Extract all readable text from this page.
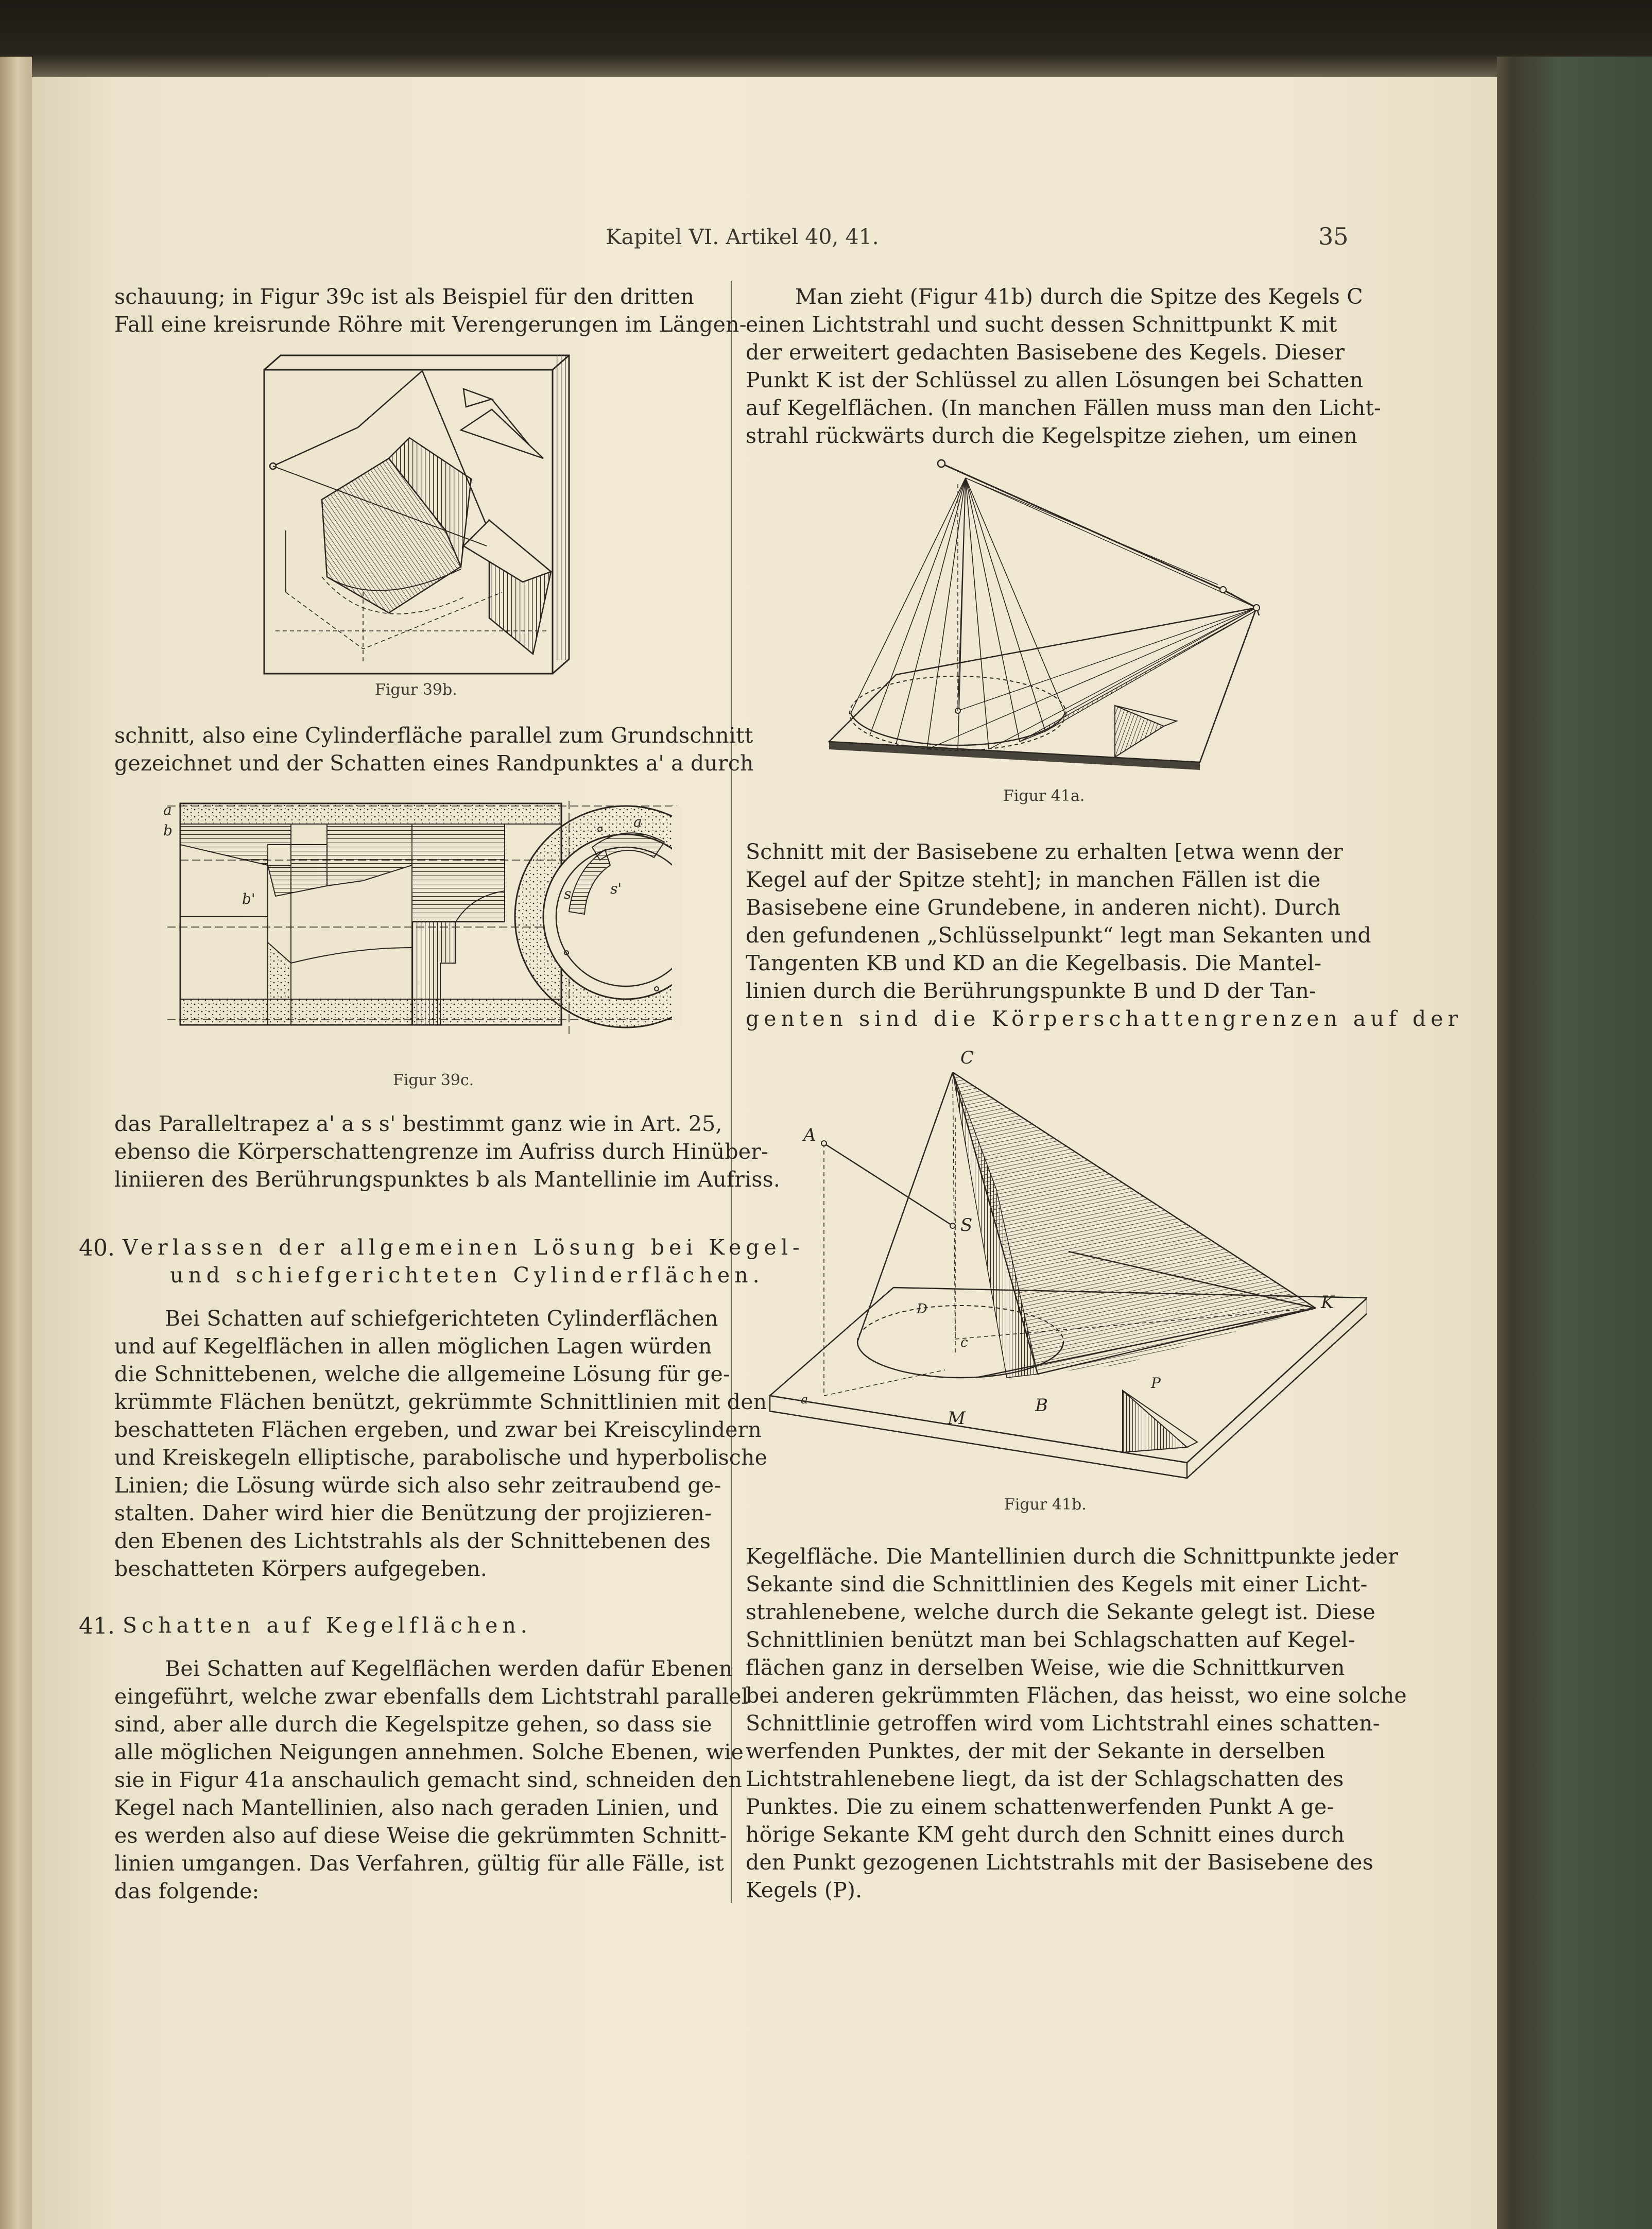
Kapitel VI. Artikel 40, 41.	35
schauung; in Figur 39c ist als Beispiel für den dritten
Fall eine kreisrunde Röhre mit Verengerungen im Längen-
Figur 39b.
schnitt, also eine Cylinderfläche parallel zum Grundschnitt
gezeichnet und der Schatten eines Randpunktes a' a durch
a
b
b'
a
s	s'
Figur 39c.
das Paralleltrapez a' a s s' bestimmt ganz wie in Art. 25,
ebenso die Körperschattengrenze im Aufriss durch Hinüber-
liniieren des Berührungspunktes b als Mantellinie im Aufriss.
40. Verlassen der allgemeinen Lösung bei Kegel-
und schiefgerichteten Cylinderflächen.
Bei Schatten auf schiefgerichteten Cylinderflächen
und auf Kegelflächen in allen möglichen Lagen würden
die Schnittebenen, welche die allgemeine Lösung für ge-
krümmte Flächen benützt, gekrümmte Schnittlinien mit den
beschatteten Flächen ergeben, und zwar bei Kreiscylindern
und Kreiskegeln elliptische, parabolische und hyperbolische
Linien; die Lösung würde sich also sehr zeitraubend ge-
stalten. Daher wird hier die Benützung der projizieren-
den Ebenen des Lichtstrahls als der Schnittebenen des
beschatteten Körpers aufgegeben.
41. Schatten auf Kegelflächen.
Bei Schatten auf Kegelflächen werden dafür Ebenen
eingeführt, welche zwar ebenfalls dem Lichtstrahl parallel
sind, aber alle durch die Kegelspitze gehen, so dass sie
alle möglichen Neigungen annehmen. Solche Ebenen, wie
sie in Figur 41a anschaulich gemacht sind, schneiden den
Kegel nach Mantellinien, also nach geraden Linien, und
es werden also auf diese Weise die gekrümmten Schnitt-
linien umgangen. Das Verfahren, gültig für alle Fälle, ist
das folgende:
Man zieht (Figur 41b) durch die Spitze des Kegels C
einen Lichtstrahl und sucht dessen Schnittpunkt K mit
der erweitert gedachten Basisebene des Kegels. Dieser
Punkt K ist der Schlüssel zu allen Lösungen bei Schatten
auf Kegelflächen. (In manchen Fällen muss man den Licht-
strahl rückwärts durch die Kegelspitze ziehen, um einen
Figur 41a.
Schnitt mit der Basisebene zu erhalten [etwa wenn der
Kegel auf der Spitze steht]; in manchen Fällen ist die
Basisebene eine Grundebene, in anderen nicht). Durch
den gefundenen „Schlüsselpunkt“ legt man Sekanten und
Tangenten KB und KD an die Kegelbasis. Die Mantel-
linien durch die Berührungspunkte B und D der Tan-
genten sind die Körperschattengrenzen auf der
C
A
S
D
c
K
P
a
M
B
Figur 41b.
Kegelfläche. Die Mantellinien durch die Schnittpunkte jeder
Sekante sind die Schnittlinien des Kegels mit einer Licht-
strahlenebene, welche durch die Sekante gelegt ist. Diese
Schnittlinien benützt man bei Schlagschatten auf Kegel-
flächen ganz in derselben Weise, wie die Schnittkurven
bei anderen gekrümmten Flächen, das heisst, wo eine solche
Schnittlinie getroffen wird vom Lichtstrahl eines schatten-
werfenden Punktes, der mit der Sekante in derselben
Lichtstrahlenebene liegt, da ist der Schlagschatten des
Punktes. Die zu einem schattenwerfenden Punkt A ge-
hörige Sekante KM geht durch den Schnitt eines durch
den Punkt gezogenen Lichtstrahls mit der Basisebene des
Kegels (P).
